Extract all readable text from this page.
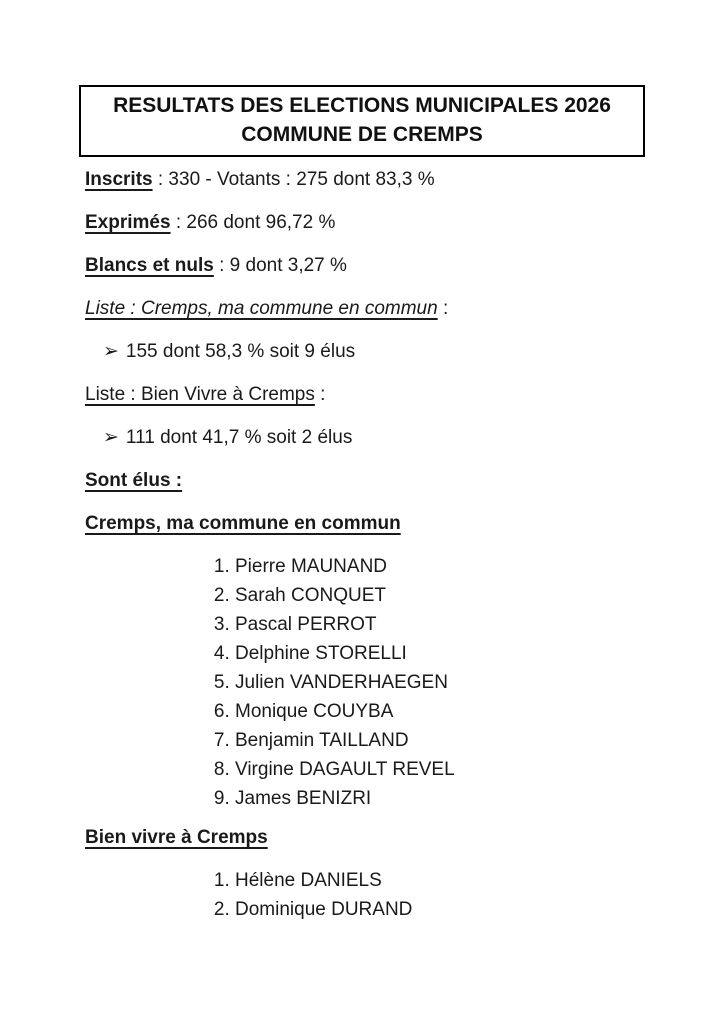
RESULTATS DES ELECTIONS MUNICIPALES 2026
COMMUNE DE CREMPS
Inscrits : 330 - Votants : 275 dont 83,3 %
Exprimés : 266 dont 96,72 %
Blancs et nuls : 9 dont 3,27 %
Liste : Cremps, ma commune en commun :
➢ 155 dont 58,3 % soit 9 élus
Liste : Bien Vivre à Cremps :
➢ 111 dont 41,7 % soit 2 élus
Sont élus :
Cremps, ma commune en commun
1. Pierre MAUNAND
2. Sarah CONQUET
3. Pascal PERROT
4. Delphine STORELLI
5. Julien VANDERHAEGEN
6. Monique COUYBA
7. Benjamin TAILLAND
8. Virgine DAGAULT REVEL
9. James BENIZRI
Bien vivre à Cremps
1. Hélène DANIELS
2. Dominique DURAND
